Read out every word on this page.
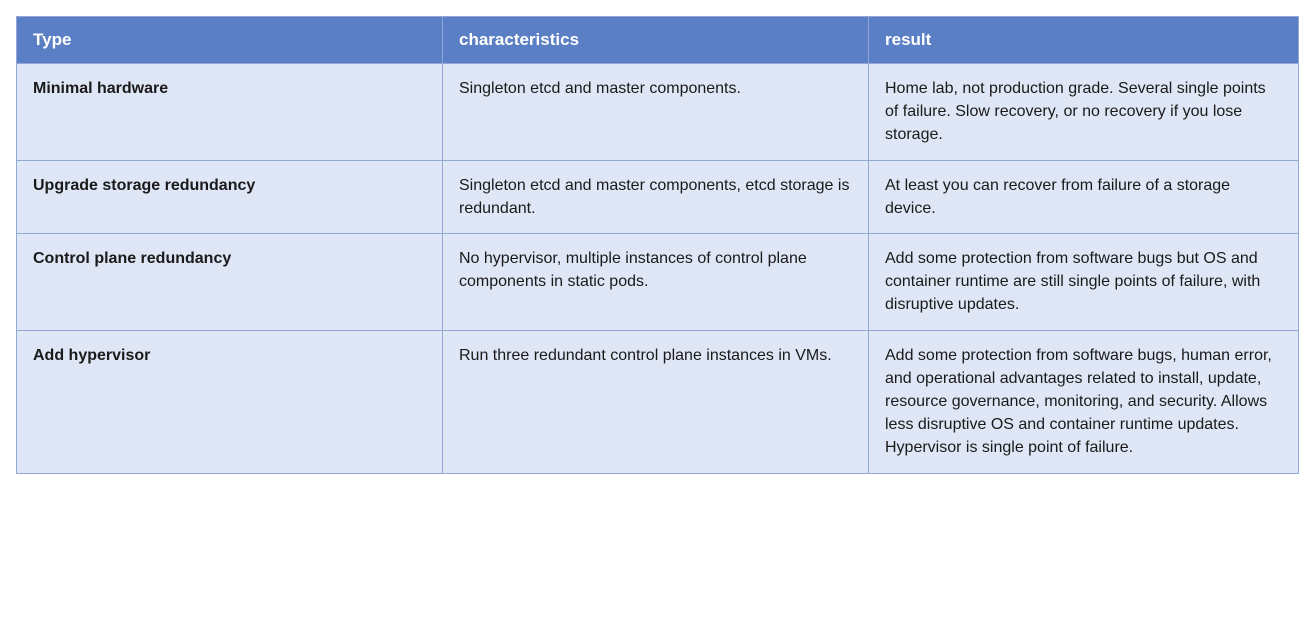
Type	characteristics	result
Minimal hardware	Singleton etcd and master components.	Home lab, not production grade. Several single points of failure. Slow recovery, or no recovery if you lose storage.
Upgrade storage redundancy	Singleton etcd and master components, etcd storage is redundant.	At least you can recover from failure of a storage device.
Control plane redundancy	No hypervisor, multiple instances of control plane components in static pods.	Add some protection from software bugs but OS and container runtime are still single points of failure, with disruptive updates.
Add hypervisor	Run three redundant control plane instances in VMs.	Add some protection from software bugs, human error, and operational advantages related to install, update, resource governance, monitoring, and security. Allows less disruptive OS and container runtime updates. Hypervisor is single point of failure.
